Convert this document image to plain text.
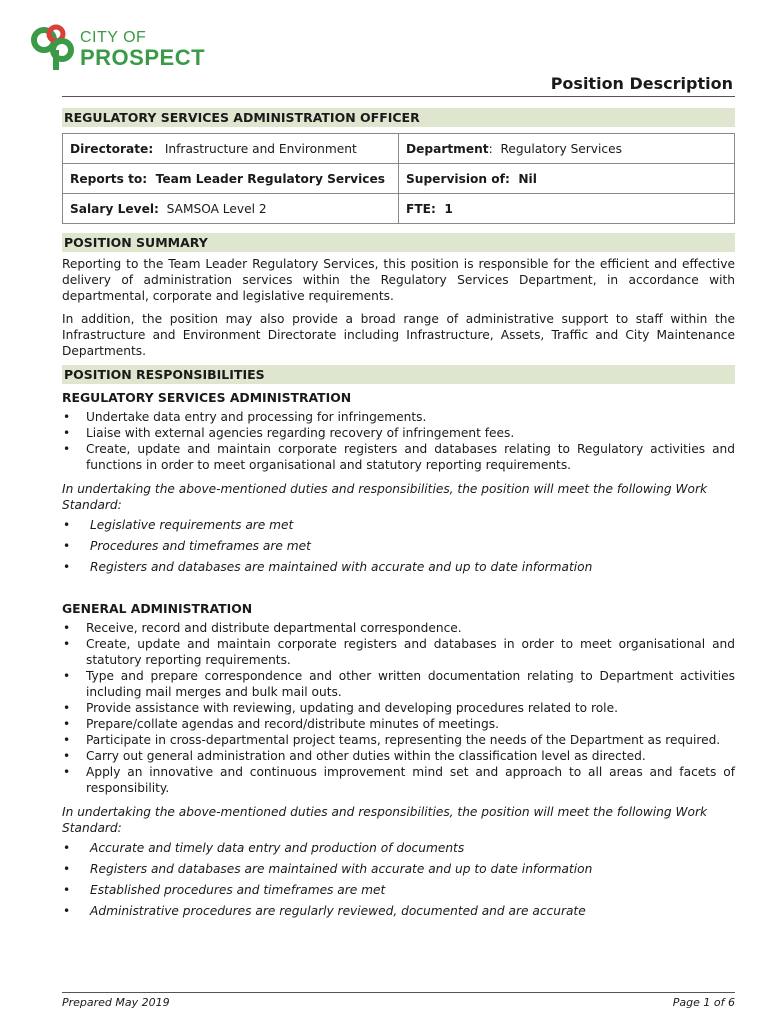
CITY OF
PROSPECT
Position Description
REGULATORY SERVICES ADMINISTRATION OFFICER
Directorate: Infrastructure and Environment	Department:  Regulatory Services
Reports to: Team Leader Regulatory Services	Supervision of: Nil
Salary Level: SAMSOA Level 2	FTE: 1
POSITION SUMMARY

Reporting to the Team Leader Regulatory Services, this position is responsible for the efficient and effective delivery of administration services within the Regulatory Services Department, in accordance with departmental, corporate and legislative requirements.

In addition, the position may also provide a broad range of administrative support to staff within the Infrastructure and Environment Directorate including Infrastructure, Assets, Traffic and City Maintenance Departments.

POSITION RESPONSIBILITIES
REGULATORY SERVICES ADMINISTRATION
• Undertake data entry and processing for infringements.
• Liaise with external agencies regarding recovery of infringement fees.
• Create, update and maintain corporate registers and databases relating to Regulatory activities and functions in order to meet organisational and statutory reporting requirements.
In undertaking the above-mentioned duties and responsibilities, the position will meet the following Work Standard:
• Legislative requirements are met
• Procedures and timeframes are met
• Registers and databases are maintained with accurate and up to date information
GENERAL ADMINISTRATION
• Receive, record and distribute departmental correspondence.
• Create, update and maintain corporate registers and databases in order to meet organisational and statutory reporting requirements.
• Type and prepare correspondence and other written documentation relating to Department activities including mail merges and bulk mail outs.
• Provide assistance with reviewing, updating and developing procedures related to role.
• Prepare/collate agendas and record/distribute minutes of meetings.
• Participate in cross-departmental project teams, representing the needs of the Department as required.
• Carry out general administration and other duties within the classification level as directed.
• Apply an innovative and continuous improvement mind set and approach to all areas and facets of responsibility.
In undertaking the above-mentioned duties and responsibilities, the position will meet the following Work Standard:
• Accurate and timely data entry and production of documents
• Registers and databases are maintained with accurate and up to date information
• Established procedures and timeframes are met
• Administrative procedures are regularly reviewed, documented and are accurate
Prepared May 2019	Page 1 of 6
